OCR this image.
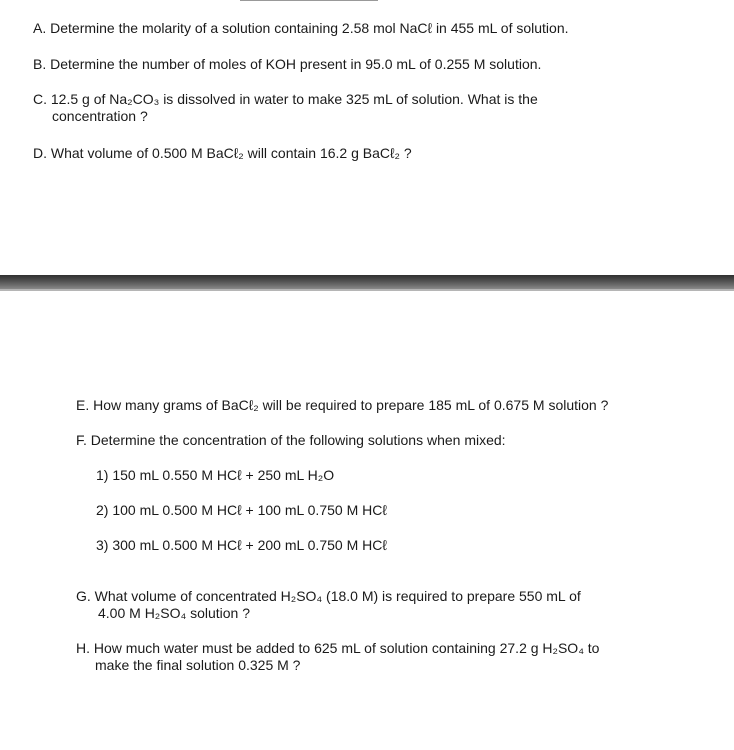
A. Determine the molarity of a solution containing 2.58 mol NaCℓ in 455 mL of solution.

B. Determine the number of moles of KOH present in 95.0 mL of 0.255 M solution.

C. 12.5 g of Na₂CO₃ is dissolved in water to make 325 mL of solution. What is the
concentration ?

D. What volume of 0.500 M BaCℓ₂ will contain 16.2 g BaCℓ₂ ?

E. How many grams of BaCℓ₂ will be required to prepare 185 mL of 0.675 M solution ?

F. Determine the concentration of the following solutions when mixed:

1) 150 mL 0.550 M HCℓ + 250 mL H₂O

2) 100 mL 0.500 M HCℓ + 100 mL 0.750 M HCℓ

3) 300 mL 0.500 M HCℓ + 200 mL 0.750 M HCℓ

G. What volume of concentrated H₂SO₄ (18.0 M) is required to prepare 550 mL of
4.00 M H₂SO₄ solution ?

H. How much water must be added to 625 mL of solution containing 27.2 g H₂SO₄ to
make the final solution 0.325 M ?
